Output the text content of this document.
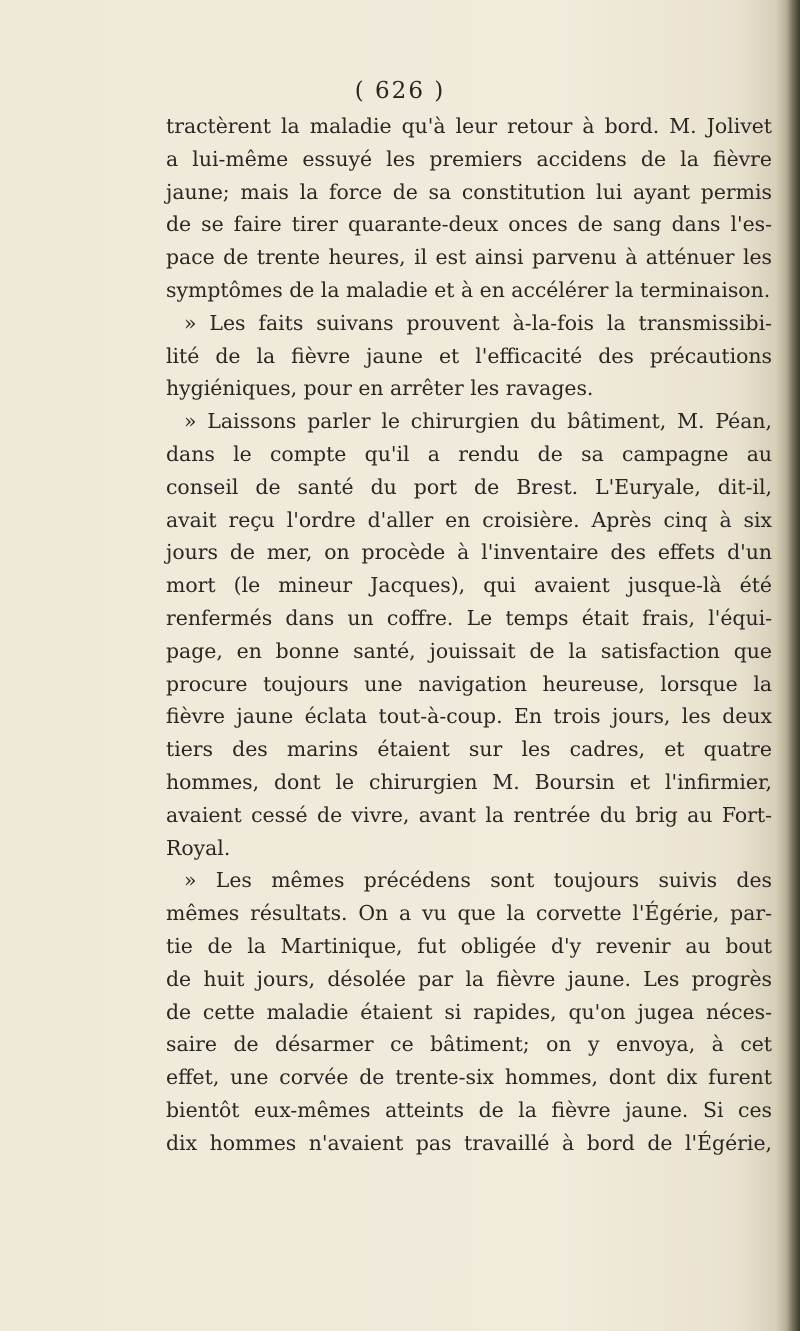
( 626 )
tractèrent la maladie qu'à leur retour à bord. M. Jolivet
a lui-même essuyé les premiers accidens de la fièvre
jaune; mais la force de sa constitution lui ayant permis
de se faire tirer quarante-deux onces de sang dans l'es-
pace de trente heures, il est ainsi parvenu à atténuer les
symptômes de la maladie et à en accélérer la terminaison.
» Les faits suivans prouvent à-la-fois la transmissibi-
lité de la fièvre jaune et l'efficacité des précautions
hygiéniques, pour en arrêter les ravages.
» Laissons parler le chirurgien du bâtiment, M. Péan,
dans le compte qu'il a rendu de sa campagne au
conseil de santé du port de Brest. L'Euryale, dit-il,
avait reçu l'ordre d'aller en croisière. Après cinq à six
jours de mer, on procède à l'inventaire des effets d'un
mort (le mineur Jacques), qui avaient jusque-là été
renfermés dans un coffre. Le temps était frais, l'équi-
page, en bonne santé, jouissait de la satisfaction que
procure toujours une navigation heureuse, lorsque la
fièvre jaune éclata tout-à-coup. En trois jours, les deux
tiers des marins étaient sur les cadres, et quatre
hommes, dont le chirurgien M. Boursin et l'infirmier,
avaient cessé de vivre, avant la rentrée du brig au Fort-
Royal.
» Les mêmes précédens sont toujours suivis des
mêmes résultats. On a vu que la corvette l'Égérie, par-
tie de la Martinique, fut obligée d'y revenir au bout
de huit jours, désolée par la fièvre jaune. Les progrès
de cette maladie étaient si rapides, qu'on jugea néces-
saire de désarmer ce bâtiment; on y envoya, à cet
effet, une corvée de trente-six hommes, dont dix furent
bientôt eux-mêmes atteints de la fièvre jaune. Si ces
dix hommes n'avaient pas travaillé à bord de l'Égérie,
